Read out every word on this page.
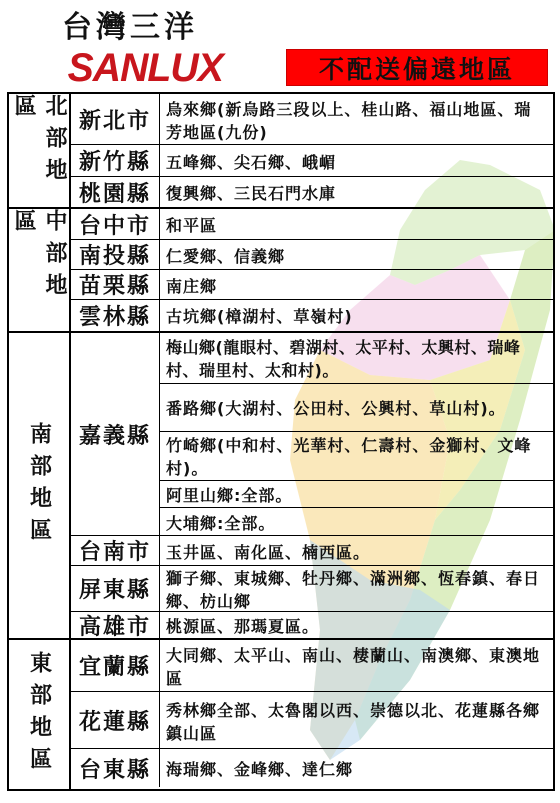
台灣三洋
SANLUX	不配送偏遠地區
北部地區	新北市 烏來鄉(新烏路三段以上、桂山路、福山地區、瑞芳地區(九份)
新竹縣 五峰鄉、尖石鄉、峨嵋
桃園縣 復興鄉、三民石門水庫
中部地區	台中市 和平區
南投縣 仁愛鄉、信義鄉
苗栗縣 南庄鄉
雲林縣 古坑鄉(樟湖村、草嶺村)
南部地區	嘉義縣
梅山鄉(龍眼村、碧湖村、太平村、太興村、瑞峰村、瑞里村、太和村)。
番路鄉(大湖村、公田村、公興村、草山村)。
竹崎鄉(中和村、光華村、仁壽村、金獅村、文峰村)。
阿里山鄉:全部。
大埔鄉:全部。
台南市 玉井區、南化區、楠西區。
屏東縣 獅子鄉、東城鄉、牡丹鄉、滿洲鄉、恆春鎮、春日鄉、枋山鄉
高雄市 桃源區、那瑪夏區。
東部地區	宜蘭縣 大同鄉、太平山、南山、棲蘭山、南澳鄉、東澳地區
花蓮縣 秀林鄉全部、太魯閣以西、崇德以北、花蓮縣各鄉鎮山區
台東縣 海瑞鄉、金峰鄉、達仁鄉
